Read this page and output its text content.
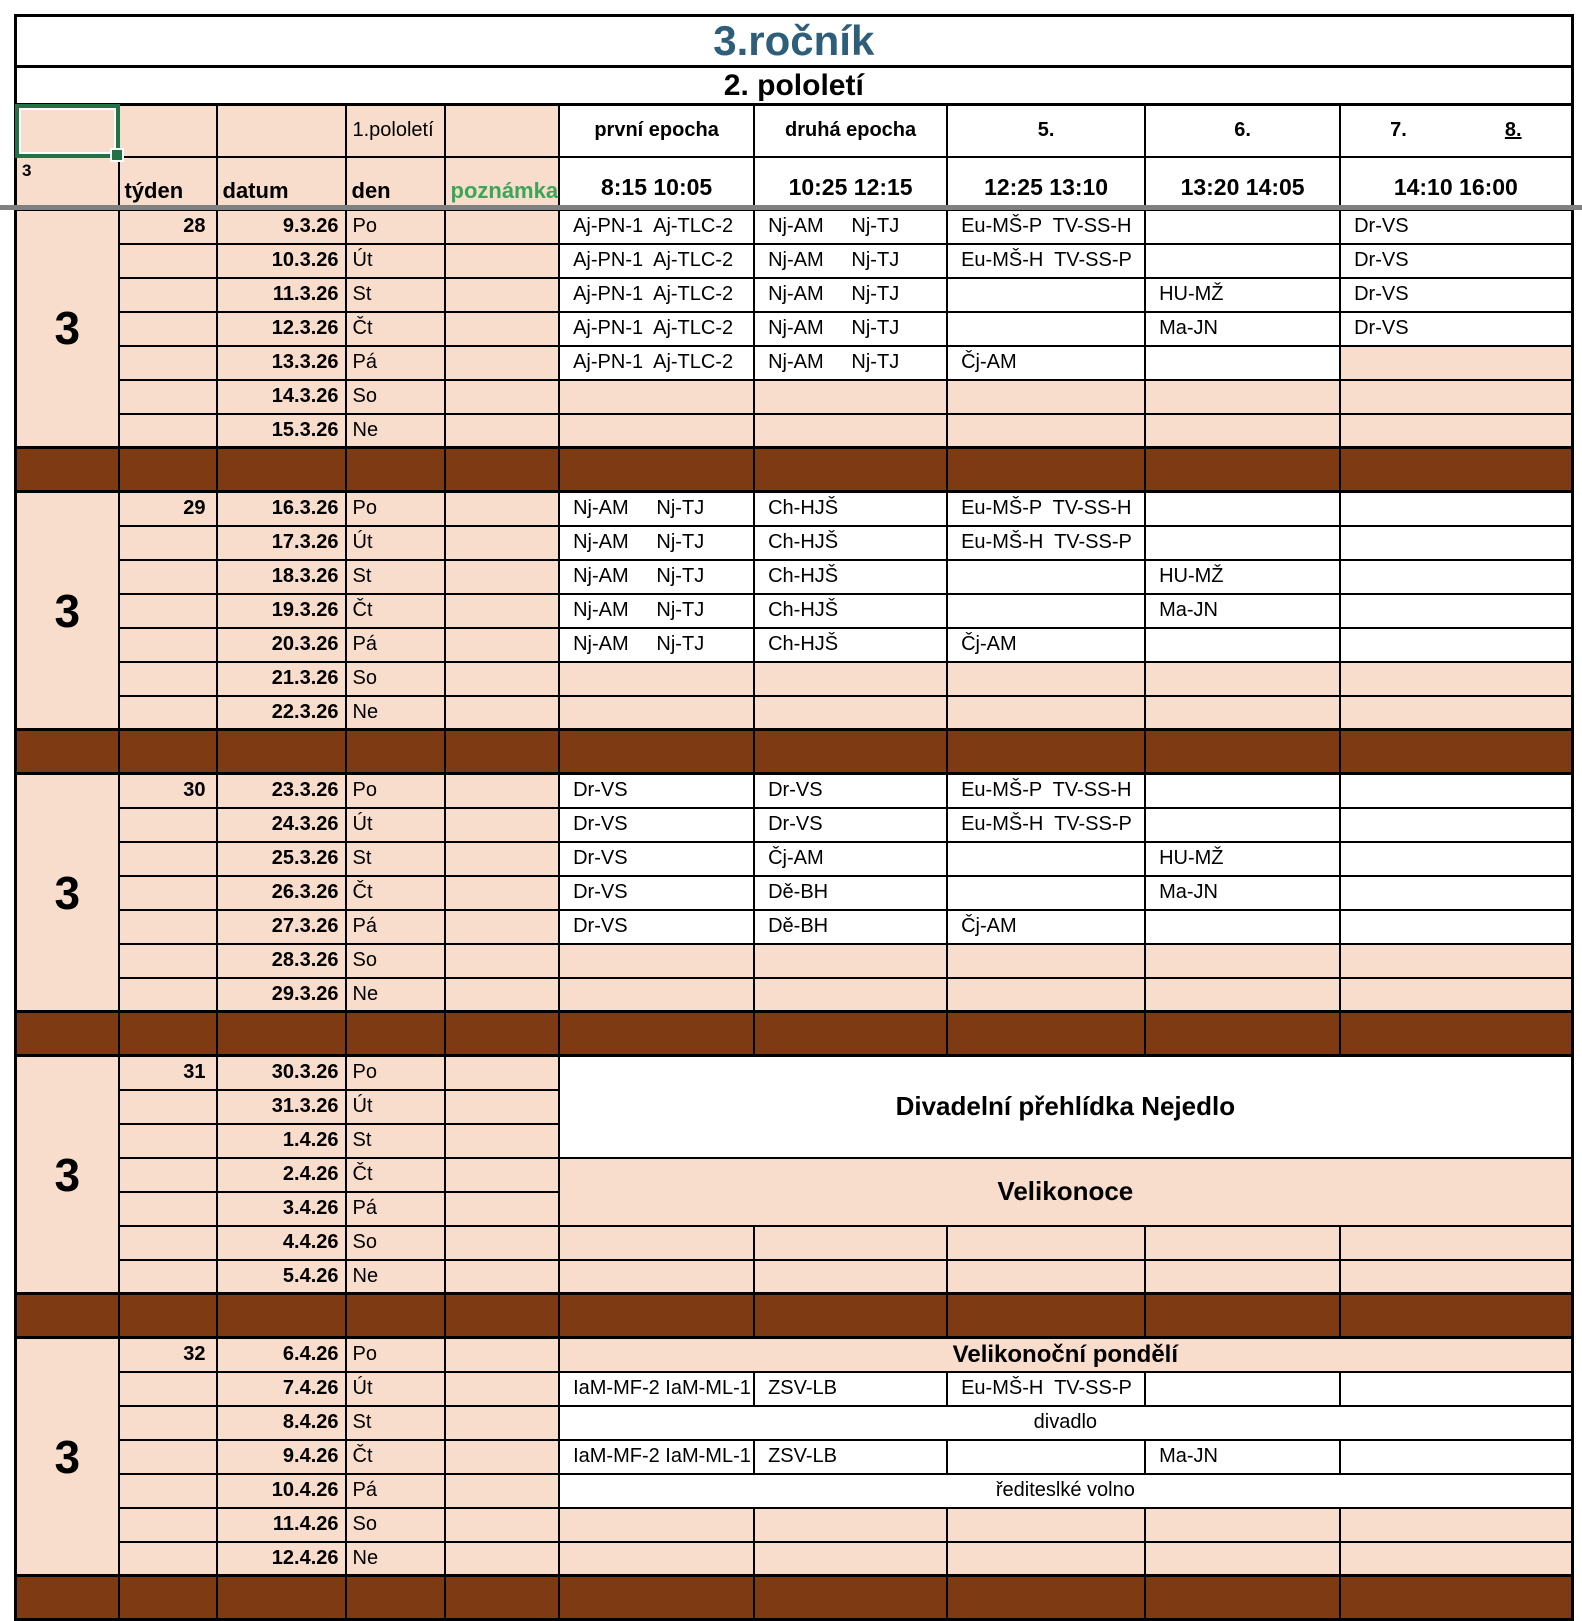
3.ročník									
2. pololetí									

			1.pololetí		první epocha	druhá epocha	5.	6.	7. 8.

3	týden	datum	den	poznámka	8:15 10:05	10:25 12:15	12:25 13:10	13:20 14:05	14:10 16:00
3	28	9.3.26	Po		Aj-PN-1  Aj-TLC-2	Nj-AM     Nj-TJ	Eu-MŠ-P  TV-SS-H		Dr-VS
		10.3.26	Út		Aj-PN-1  Aj-TLC-2	Nj-AM     Nj-TJ	Eu-MŠ-H  TV-SS-P		Dr-VS
		11.3.26	St		Aj-PN-1  Aj-TLC-2	Nj-AM     Nj-TJ		HU-MŽ	Dr-VS
		12.3.26	Čt		Aj-PN-1  Aj-TLC-2	Nj-AM     Nj-TJ		Ma-JN	Dr-VS
		13.3.26	Pá		Aj-PN-1  Aj-TLC-2	Nj-AM     Nj-TJ	Čj-AM		
		14.3.26	So						
		15.3.26	Ne						

3	29	16.3.26	Po		Nj-AM     Nj-TJ	Ch-HJŠ	Eu-MŠ-P  TV-SS-H		
		17.3.26	Út		Nj-AM     Nj-TJ	Ch-HJŠ	Eu-MŠ-H  TV-SS-P		
		18.3.26	St		Nj-AM     Nj-TJ	Ch-HJŠ		HU-MŽ	
		19.3.26	Čt		Nj-AM     Nj-TJ	Ch-HJŠ		Ma-JN	
		20.3.26	Pá		Nj-AM     Nj-TJ	Ch-HJŠ	Čj-AM		
		21.3.26	So						
		22.3.26	Ne						

3	30	23.3.26	Po		Dr-VS	Dr-VS	Eu-MŠ-P  TV-SS-H		
		24.3.26	Út		Dr-VS	Dr-VS	Eu-MŠ-H  TV-SS-P		
		25.3.26	St		Dr-VS	Čj-AM		HU-MŽ	
		26.3.26	Čt		Dr-VS	Dě-BH		Ma-JN	
		27.3.26	Pá		Dr-VS	Dě-BH	Čj-AM		
		28.3.26	So						
		29.3.26	Ne						

3	31	30.3.26	Po		Divadelní přehlídka Nejedlo				
		31.3.26	Út						
		1.4.26	St						
		2.4.26	Čt		Velikonoce				
		3.4.26	Pá						
		4.4.26	So						
		5.4.26	Ne						

3	32	6.4.26	Po		Velikonoční pondělí				
		7.4.26	Út		IaM-MF-2 IaM-ML-1	ZSV-LB	Eu-MŠ-H  TV-SS-P		
		8.4.26	St		divadlo				
		9.4.26	Čt		IaM-MF-2 IaM-ML-1	ZSV-LB		Ma-JN	
		10.4.26	Pá		řediteslké volno				
		11.4.26	So						
		12.4.26	Ne						
